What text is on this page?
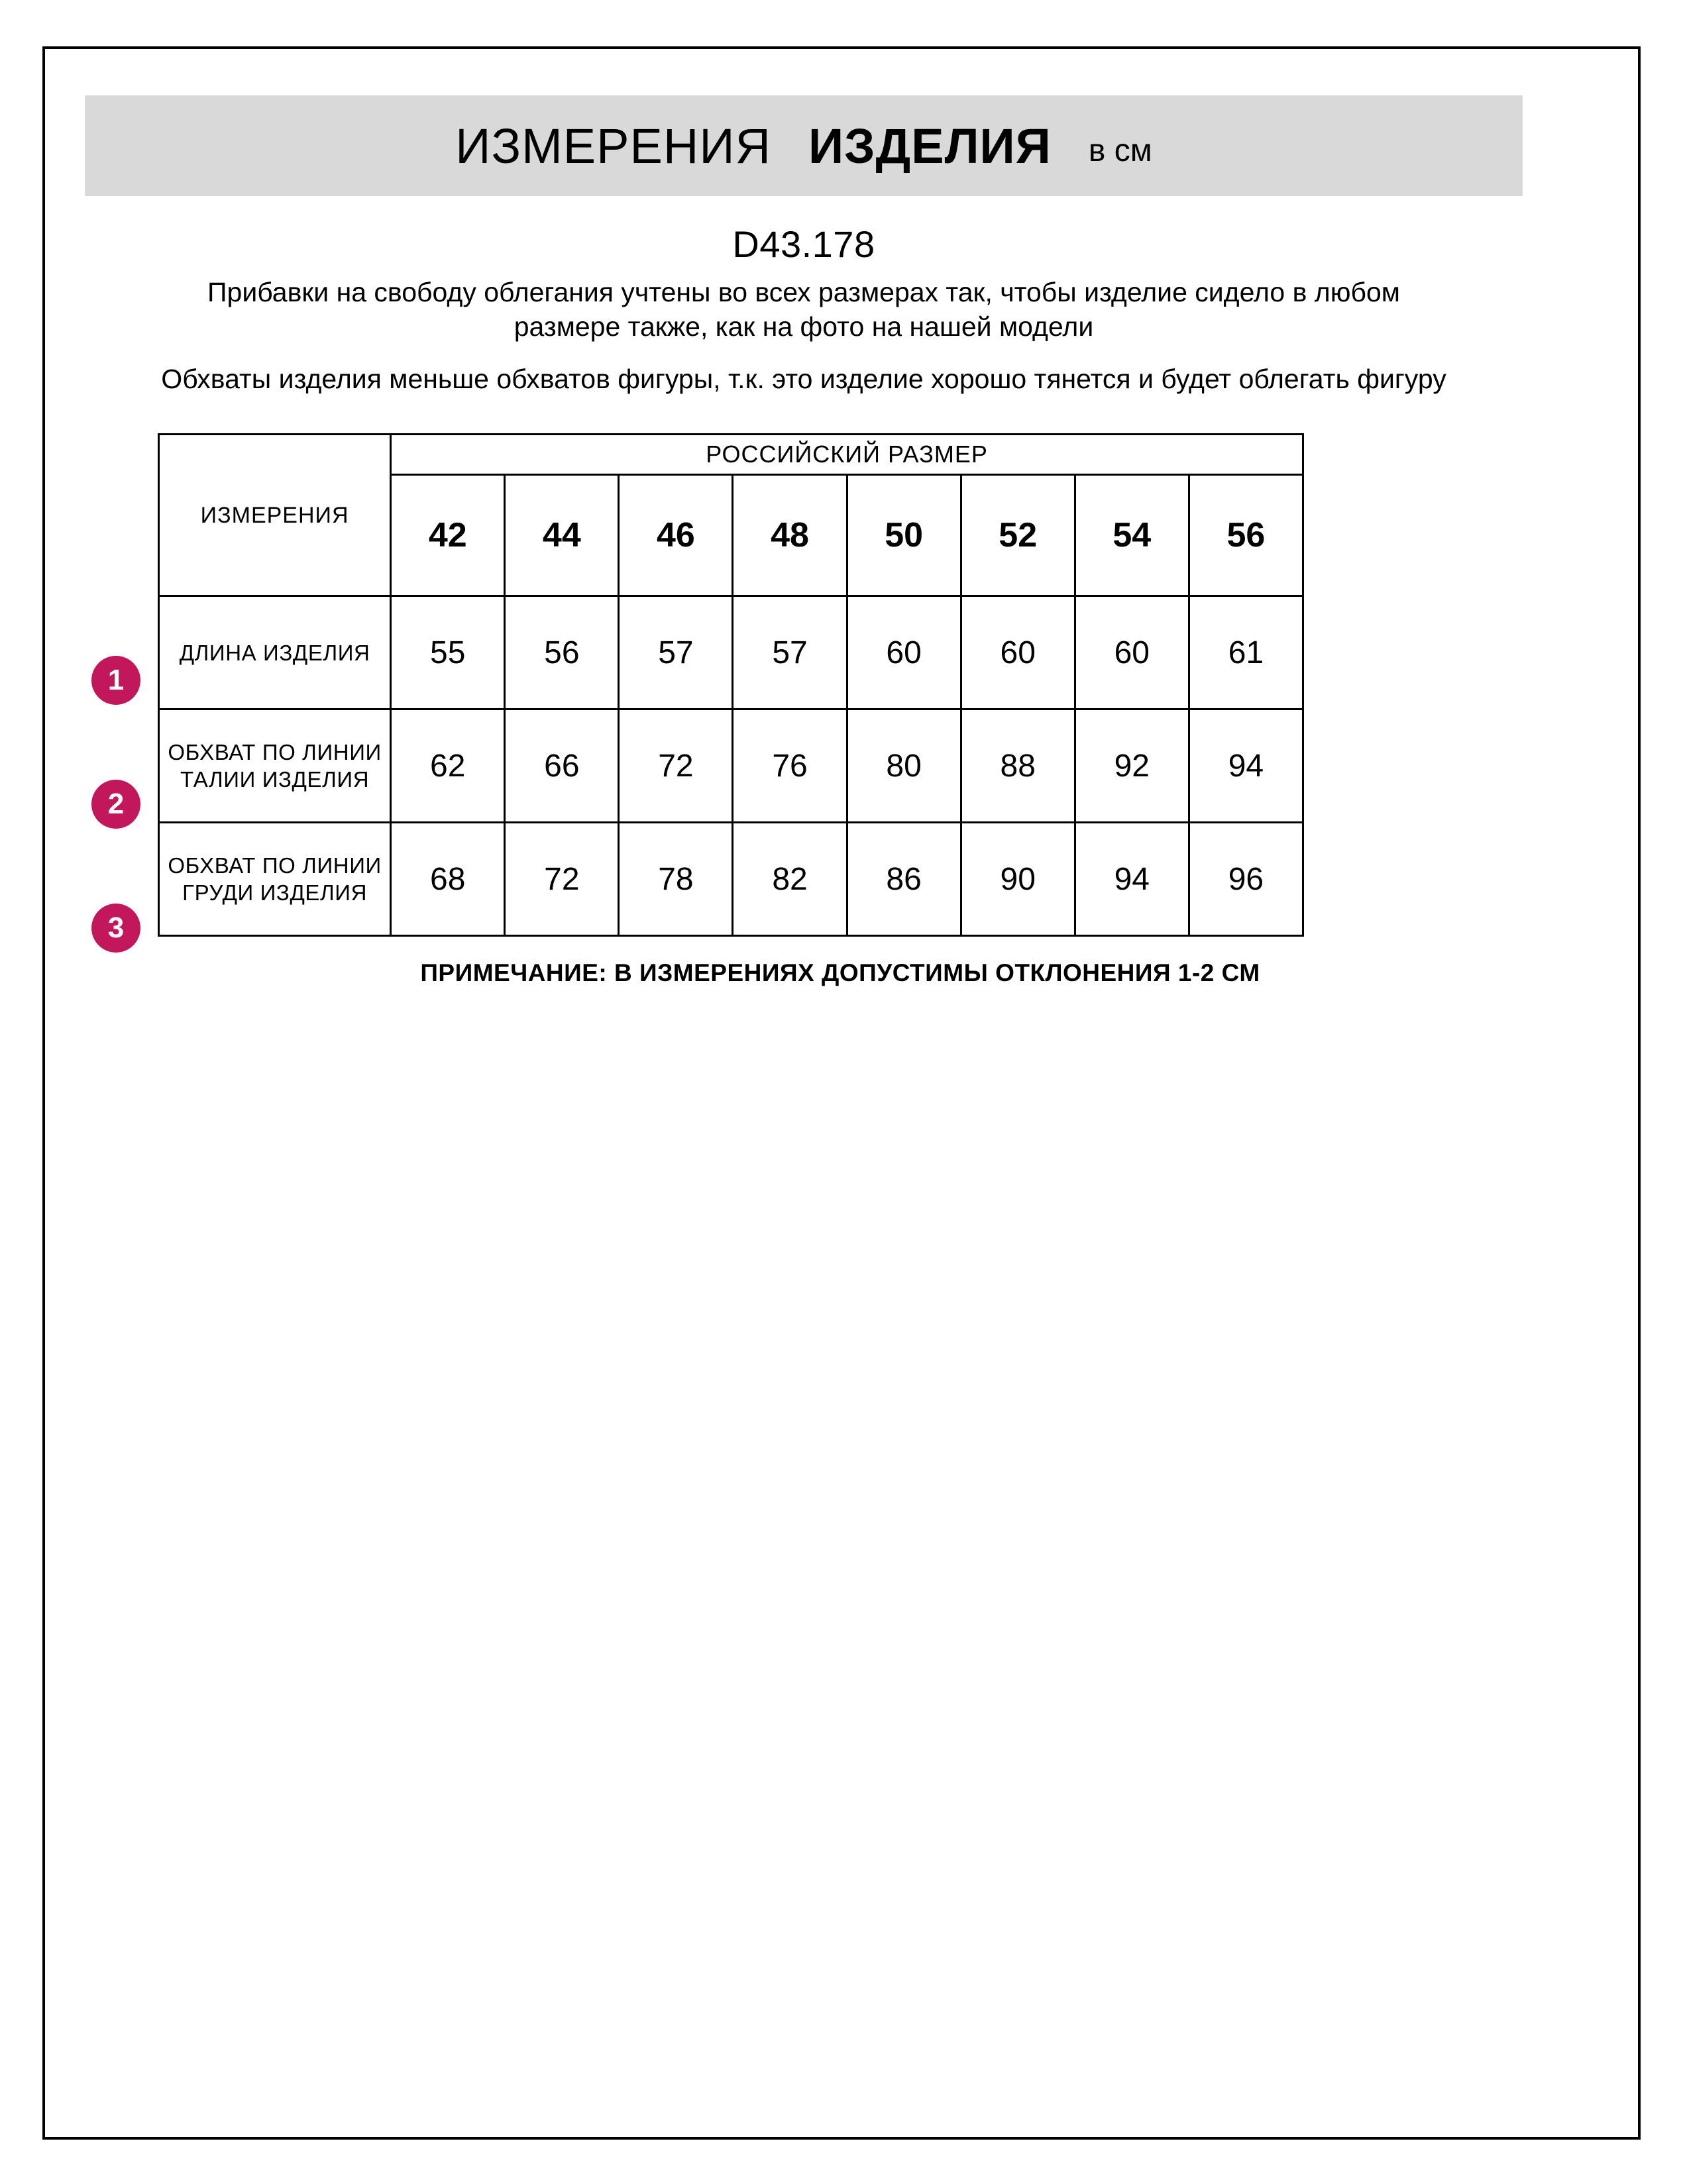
ИЗМЕРЕНИЯ ИЗДЕЛИЯ в см
D43.178
Прибавки на свободу облегания учтены во всех размерах так, чтобы изделие сидело в любом размере также, как на фото на нашей модели
Обхваты изделия меньше обхватов фигуры, т.к. это изделие хорошо тянется и будет облегать фигуру
1
2
3
ИЗМЕРЕНИЯ	РОССИЙСКИЙ РАЗМЕР							
	42	44	46	48	50	52	54	56
ДЛИНА ИЗДЕЛИЯ	55	56	57	57	60	60	60	61
ОБХВАТ ПО ЛИНИИ ТАЛИИ ИЗДЕЛИЯ	62	66	72	76	80	88	92	94
ОБХВАТ ПО ЛИНИИ ГРУДИ ИЗДЕЛИЯ	68	72	78	82	86	90	94	96
ПРИМЕЧАНИЕ: В ИЗМЕРЕНИЯХ ДОПУСТИМЫ ОТКЛОНЕНИЯ 1-2 СМ
